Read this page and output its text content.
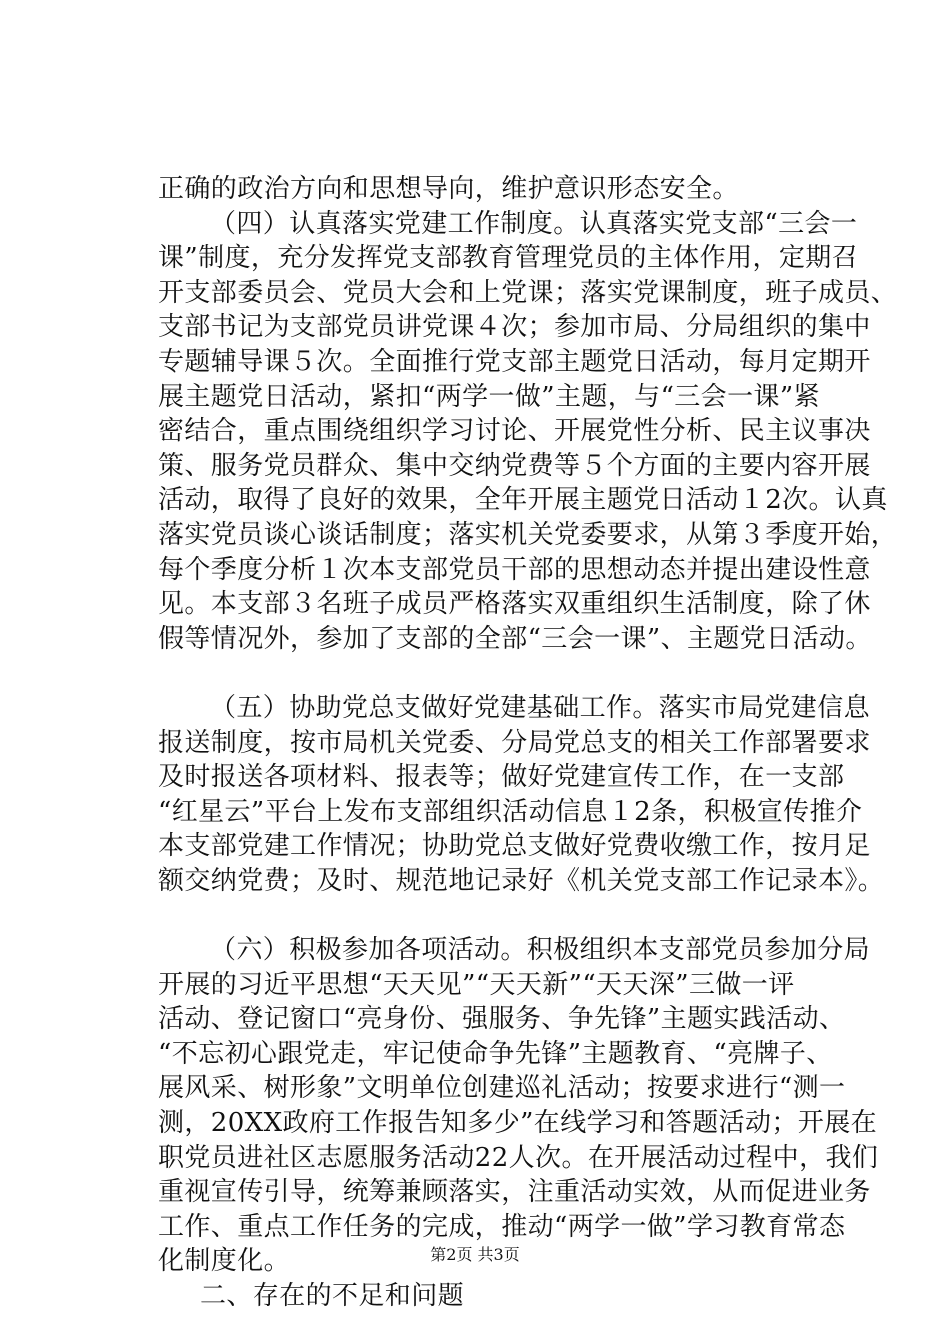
正确的政治方向和思想导向，维护意识形态安全。
（四）认真落实党建工作制度。认真落实党支部“三会一
课”制度，充分发挥党支部教育管理党员的主体作用，定期召
开支部委员会、党员大会和上党课；落实党课制度，班子成员、
支部书记为支部党员讲党课４次；参加市局、分局组织的集中
专题辅导课５次。全面推行党支部主题党日活动，每月定期开
展主题党日活动，紧扣“两学一做”主题，与“三会一课”紧
密结合，重点围绕组织学习讨论、开展党性分析、民主议事决
策、服务党员群众、集中交纳党费等５个方面的主要内容开展
活动，取得了良好的效果，全年开展主题党日活动１2次。认真
落实党员谈心谈话制度；落实机关党委要求，从第３季度开始，
每个季度分析１次本支部党员干部的思想动态并提出建设性意
见。本支部３名班子成员严格落实双重组织生活制度，除了休
假等情况外，参加了支部的全部“三会一课”、主题党日活动。
（五）协助党总支做好党建基础工作。落实市局党建信息
报送制度，按市局机关党委、分局党总支的相关工作部署要求
及时报送各项材料、报表等；做好党建宣传工作，在一支部
“红星云”平台上发布支部组织活动信息１2条，积极宣传推介
本支部党建工作情况；协助党总支做好党费收缴工作，按月足
额交纳党费；及时、规范地记录好《机关党支部工作记录本》。
（六）积极参加各项活动。积极组织本支部党员参加分局
开展的习近平思想“天天见”“天天新”“天天深”三做一评
活动、登记窗口“亮身份、强服务、争先锋”主题实践活动、
“不忘初心跟党走，牢记使命争先锋”主题教育、“亮牌子、
展风采、树形象”文明单位创建巡礼活动；按要求进行“测一
测，20XX政府工作报告知多少”在线学习和答题活动；开展在
职党员进社区志愿服务活动22人次。在开展活动过程中，我们
重视宣传引导，统筹兼顾落实，注重活动实效，从而促进业务
工作、重点工作任务的完成，推动“两学一做”学习教育常态
化制度化。
二、存在的不足和问题
第2页 共3页
